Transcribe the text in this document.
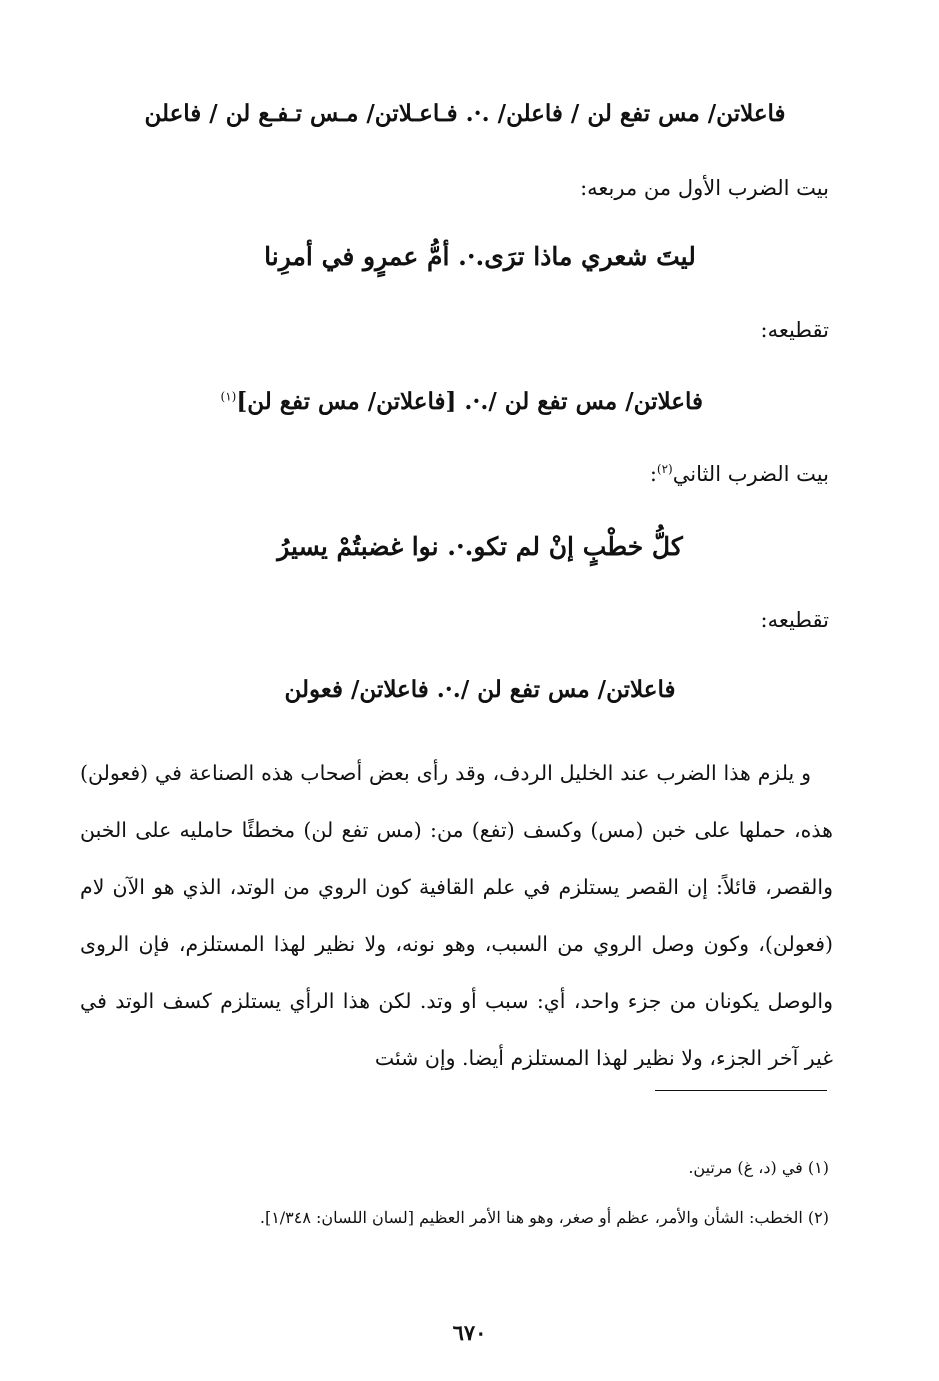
فاعلاتن/ مس تفع لن / فاعلن/ .·. فـاعـلاتن/ مـس تـفـع لن / فاعلن
بيت الضرب الأول من مربعه:
ليتَ شعري ماذا ترَى.·. أمُّ عمرٍو في أمرِنا
تقطيعه:
فاعلاتن/ مس تفع لن /.·. [فاعلاتن/ مس تفع لن]$^{(١)}$
بيت الضرب الثاني$^{(٢)}$:
كلُّ خطْبٍ إنْ لم تكو.·. نوا غضبتُمْ يسيرُ
تقطيعه:
فاعلاتن/ مس تفع لن /.·. فاعلاتن/ فعولن

و يلزم هذا الضرب عند الخليل الردف، وقد رأى بعض أصحاب هذه الصناعة في (فعولن) هذه، حملها على خبن (مس) وكسف (تفع) من: (مس تفع لن) مخطئًا حامليه على الخبن والقصر، قائلاً: إن القصر يستلزم في علم القافية كون الروي من الوتد، الذي هو الآن لام (فعولن)، وكون وصل الروي من السبب، وهو نونه، ولا نظير لهذا المستلزم، فإن الروى والوصل يكونان من جزء واحد، أي: سبب أو وتد. لكن هذا الرأي يستلزم كسف الوتد في غير آخر الجزء، ولا نظير لهذا المستلزم أيضا. وإن شئت

(١) في (د، غ) مرتين.
(٢) الخطب: الشأن والأمر، عظم أو صغر، وهو هنا الأمر العظيم [لسان اللسان: ١/٣٤٨].
٦٧٠
